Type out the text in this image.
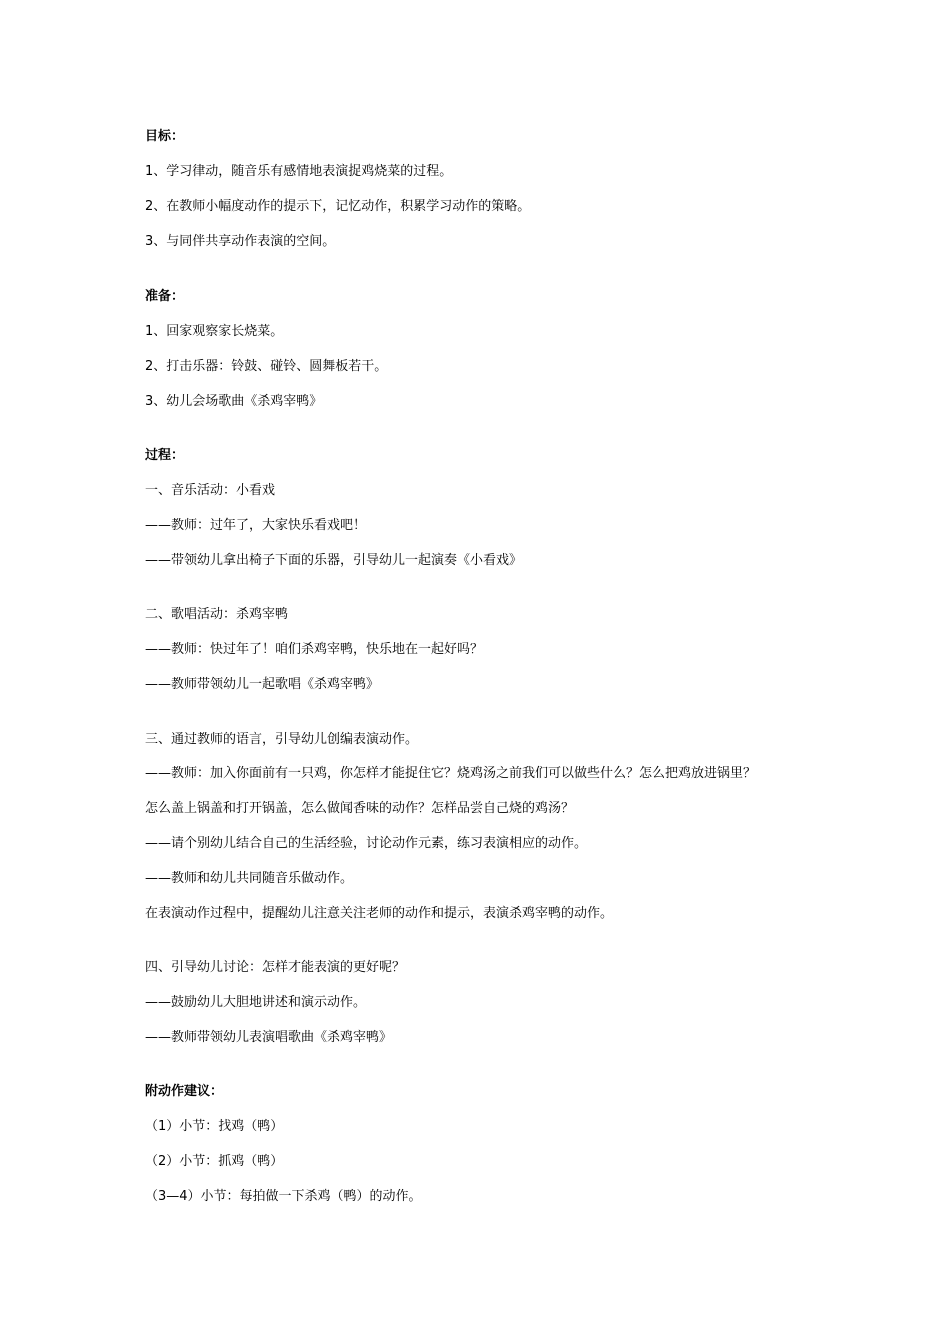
目标：
1、学习律动，随音乐有感情地表演捉鸡烧菜的过程。
2、在教师小幅度动作的提示下，记忆动作，积累学习动作的策略。
3、与同伴共享动作表演的空间。
准备：
1、回家观察家长烧菜。
2、打击乐器：铃鼓、碰铃、圆舞板若干。
3、幼儿会场歌曲《杀鸡宰鸭》
过程：
一、音乐活动：小看戏
——教师：过年了，大家快乐看戏吧！
——带领幼儿拿出椅子下面的乐器，引导幼儿一起演奏《小看戏》
二、歌唱活动：杀鸡宰鸭
——教师：快过年了！咱们杀鸡宰鸭，快乐地在一起好吗？
——教师带领幼儿一起歌唱《杀鸡宰鸭》
三、通过教师的语言，引导幼儿创编表演动作。
——教师：加入你面前有一只鸡，你怎样才能捉住它？烧鸡汤之前我们可以做些什么？怎么把鸡放进锅里？
怎么盖上锅盖和打开锅盖，怎么做闻香味的动作？怎样品尝自己烧的鸡汤？
——请个别幼儿结合自己的生活经验，讨论动作元素，练习表演相应的动作。
——教师和幼儿共同随音乐做动作。
在表演动作过程中，提醒幼儿注意关注老师的动作和提示，表演杀鸡宰鸭的动作。
四、引导幼儿讨论：怎样才能表演的更好呢？
——鼓励幼儿大胆地讲述和演示动作。
——教师带领幼儿表演唱歌曲《杀鸡宰鸭》
附动作建议：
（1）小节：找鸡（鸭）
（2）小节：抓鸡（鸭）
（3—4）小节：每拍做一下杀鸡（鸭）的动作。
